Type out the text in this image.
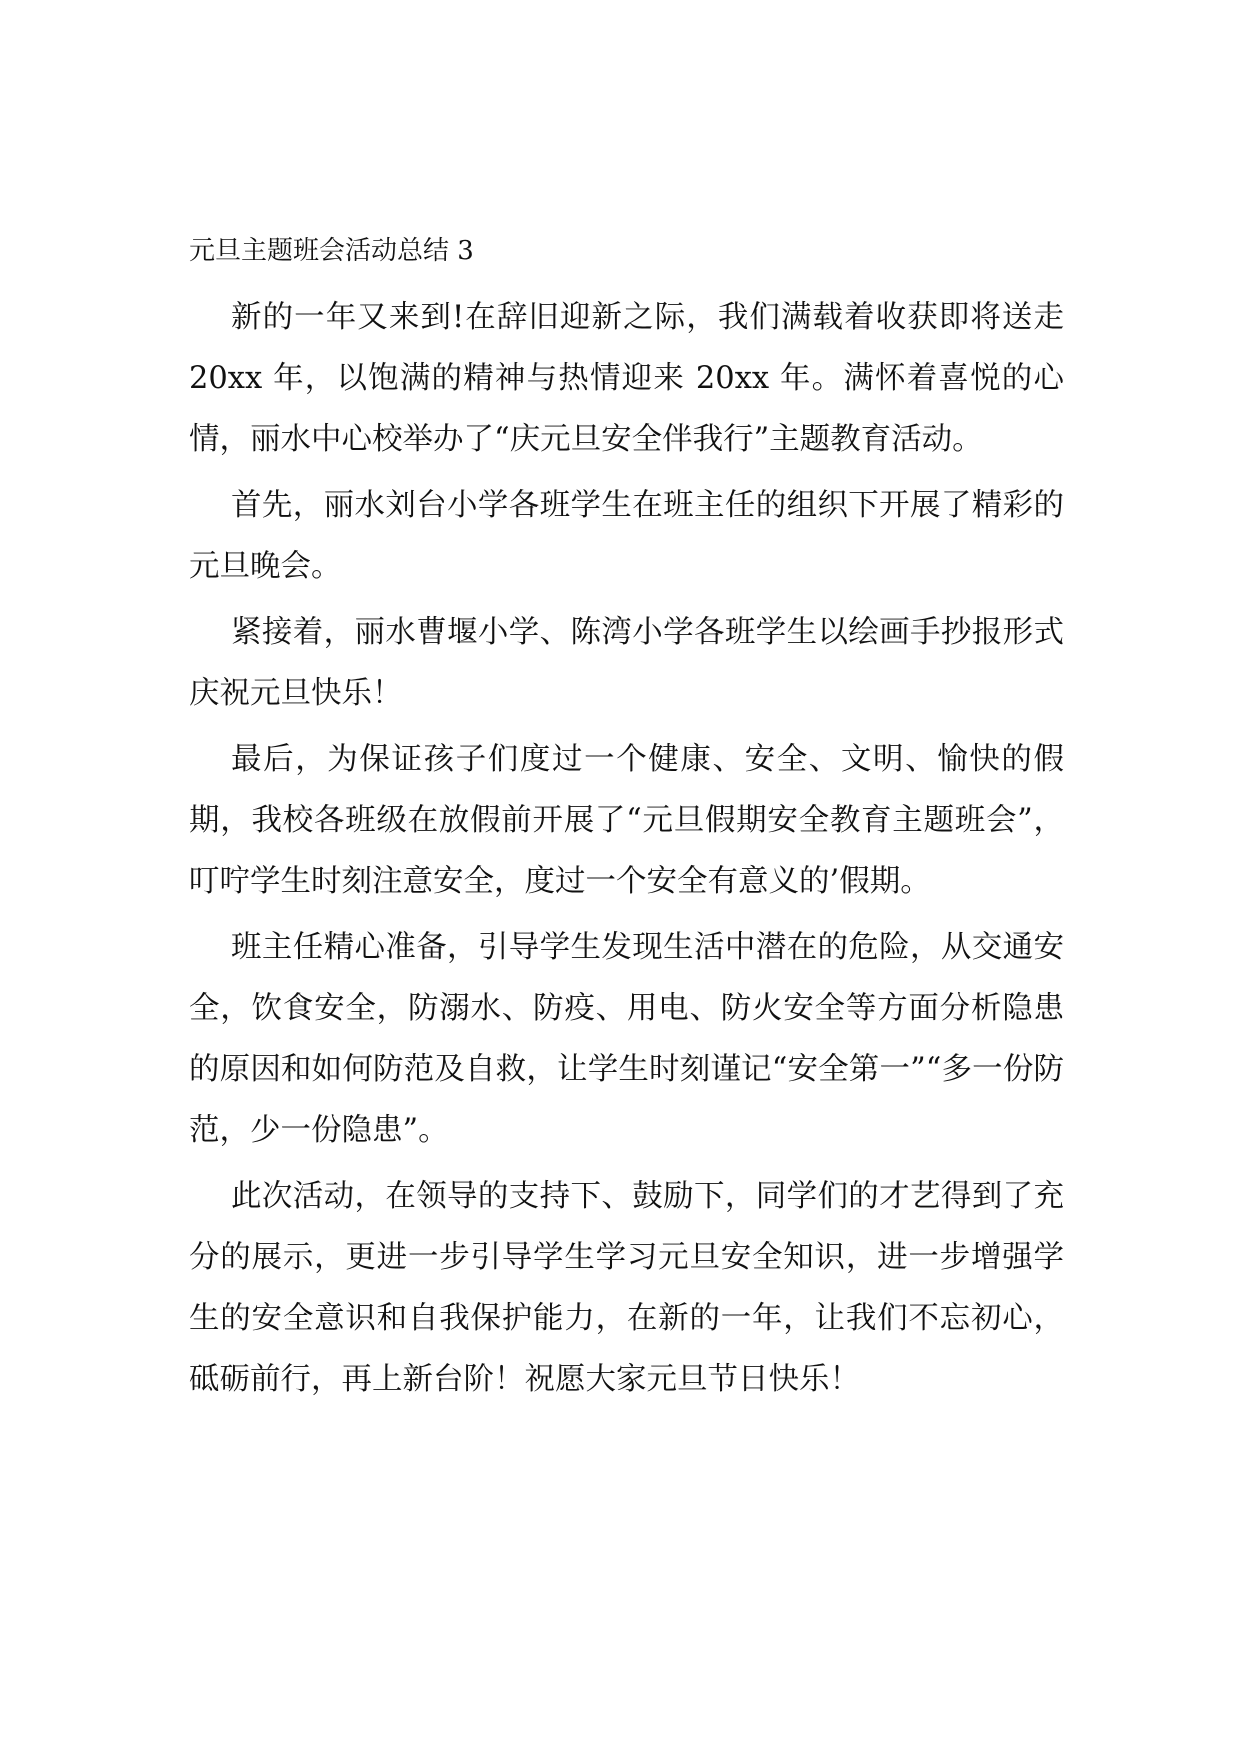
元旦主题班会活动总结 3

新的一年又来到!在辞旧迎新之际，我们满载着收获即将送走 20xx 年，以饱满的精神与热情迎来 20xx 年。满怀着喜悦的心情，丽水中心校举办了“庆元旦安全伴我行”主题教育活动。

首先，丽水刘台小学各班学生在班主任的组织下开展了精彩的元旦晚会。

紧接着，丽水曹堰小学、陈湾小学各班学生以绘画手抄报形式庆祝元旦快乐！

最后，为保证孩子们度过一个健康、安全、文明、愉快的假期，我校各班级在放假前开展了“元旦假期安全教育主题班会”，叮咛学生时刻注意安全，度过一个安全有意义的’假期。

班主任精心准备，引导学生发现生活中潜在的危险，从交通安全，饮食安全，防溺水、防疫、用电、防火安全等方面分析隐患的原因和如何防范及自救，让学生时刻谨记“安全第一”“多一份防范，少一份隐患”。

此次活动，在领导的支持下、鼓励下，同学们的才艺得到了充分的展示，更进一步引导学生学习元旦安全知识，进一步增强学生的安全意识和自我保护能力，在新的一年，让我们不忘初心，砥砺前行，再上新台阶！祝愿大家元旦节日快乐！
